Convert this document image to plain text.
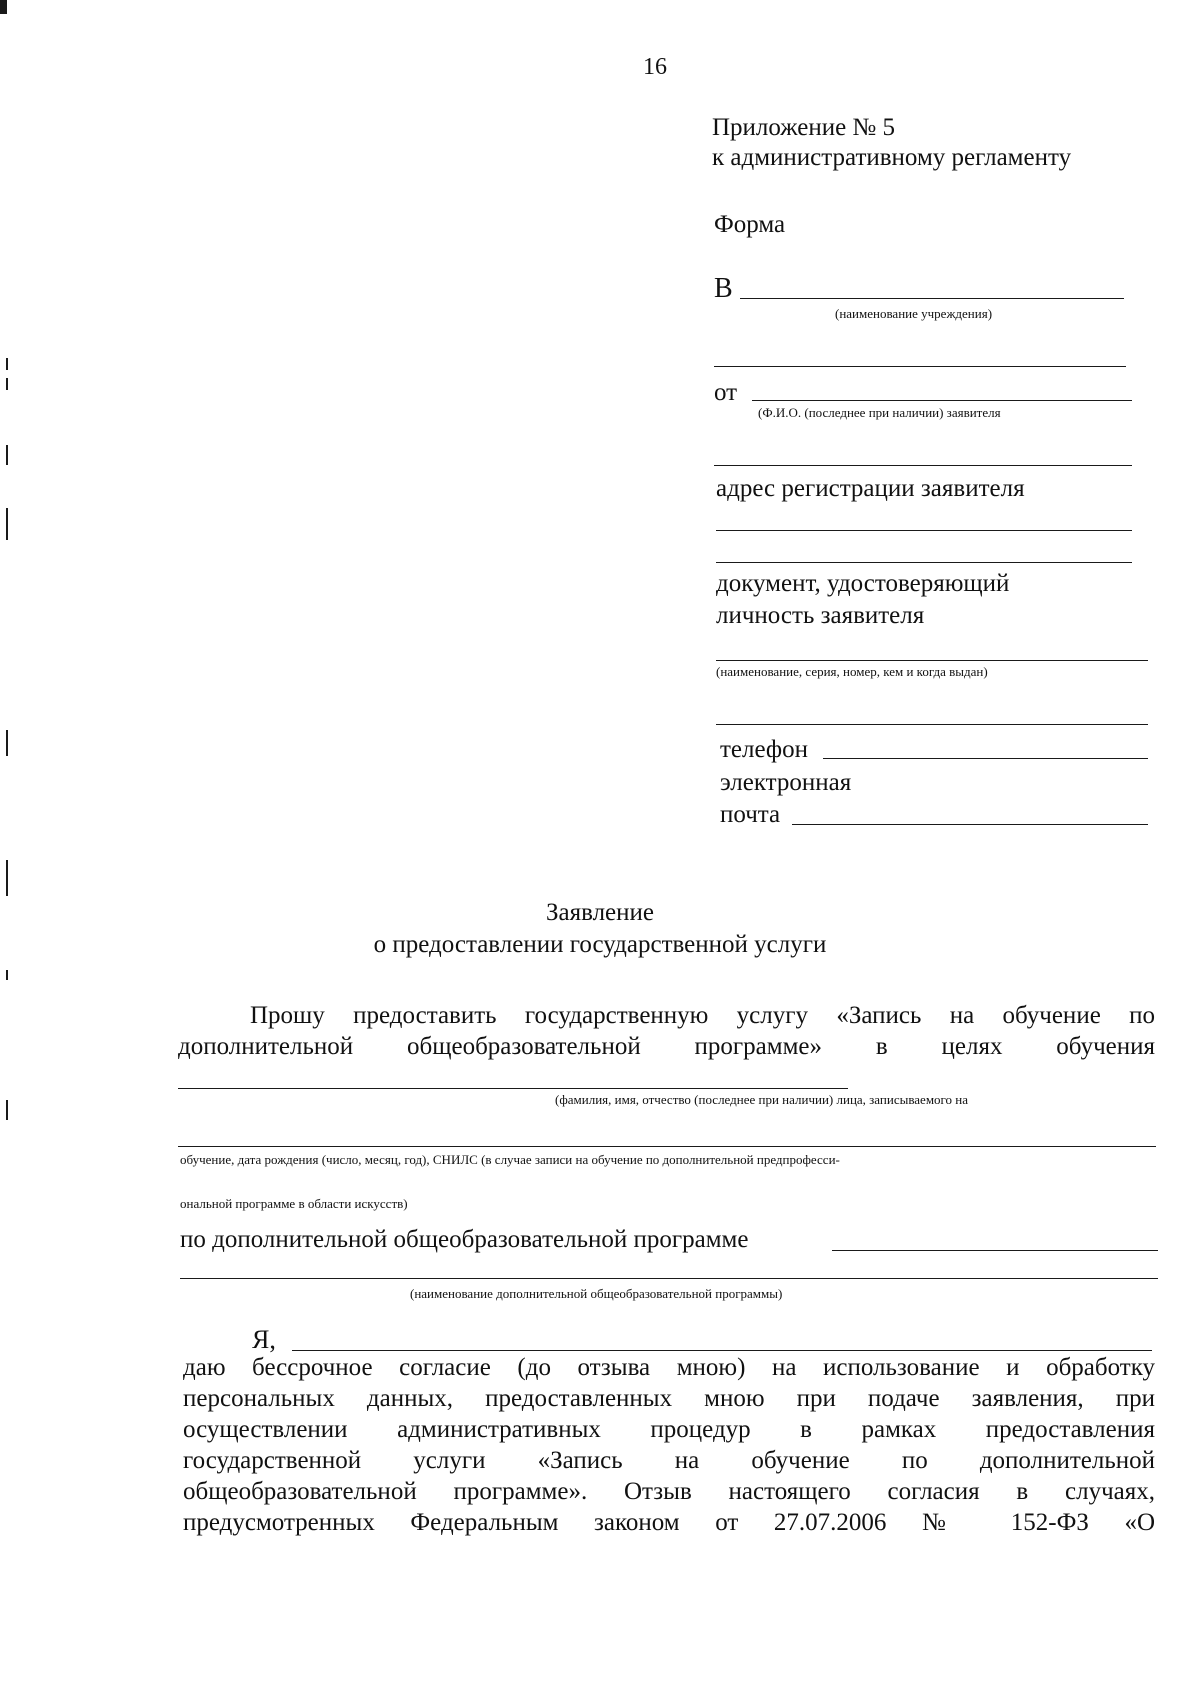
16
Приложение № 5
к административному регламенту
Форма
В
(наименование учреждения)
от
(Ф.И.О. (последнее при наличии) заявителя
адрес регистрации заявителя
документ, удостоверяющий
личность заявителя
(наименование, серия, номер, кем и когда выдан)
телефон
электронная
почта
Заявление
о предоставлении государственной услуги
Прошу предоставить государственную услугу «Запись на обучение по
дополнительной общеобразовательной программе» в целях обучения
(фамилия, имя, отчество (последнее при наличии) лица, записываемого на
обучение, дата рождения (число, месяц, год), СНИЛС (в случае записи на обучение по дополнительной предпрофесси-
ональной программе в области искусств)
по дополнительной общеобразовательной программе
(наименование дополнительной общеобразовательной программы)
Я,
даю бессрочное согласие (до отзыва мною) на использование и обработку
персональных данных, предоставленных мною при подаче заявления, при
осуществлении административных процедур в рамках предоставления
государственной услуги «Запись на обучение по дополнительной
общеобразовательной программе». Отзыв настоящего согласия в случаях,
предусмотренных Федеральным законом от 27.07.2006 № 152-ФЗ «О
